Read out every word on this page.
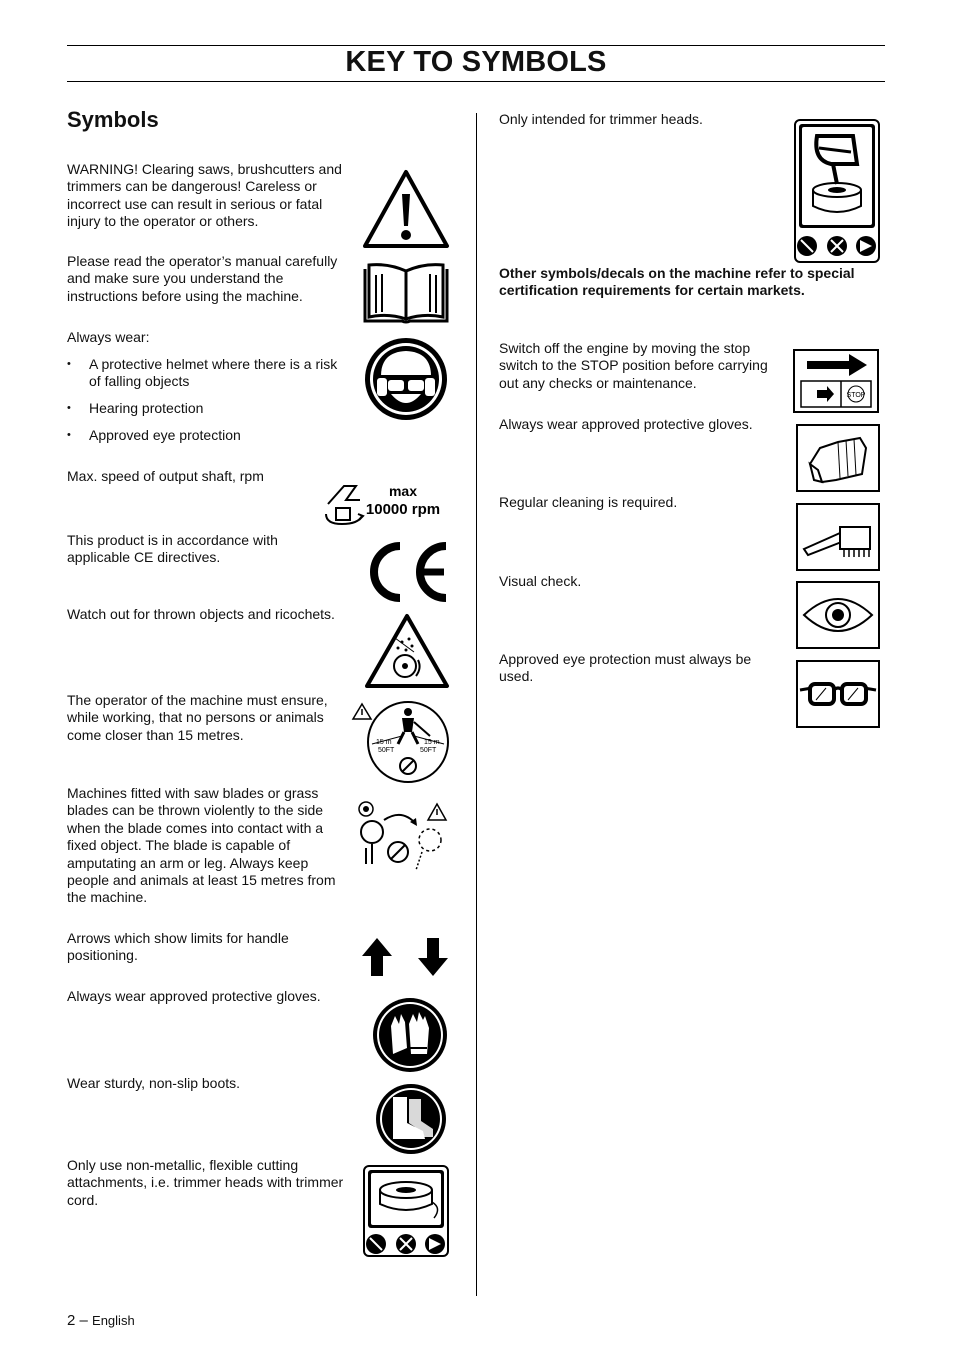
KEY TO SYMBOLS
Symbols

WARNING! Clearing saws, brushcutters and trimmers can be dangerous! Careless or incorrect use can result in serious or fatal injury to the operator or others.

Please read the operator’s manual carefully and make sure you understand the instructions before using the machine.

Always wear:

• A protective helmet where there is a risk of falling objects
• Hearing protection
• Approved eye protection

Max. speed of output shaft, rpm

This product is in accordance with applicable CE directives.

Watch out for thrown objects and ricochets.

The operator of the machine must ensure, while working, that no persons or animals come closer than 15 metres.

Machines fitted with saw blades or grass blades can be thrown violently to the side when the blade comes into contact with a fixed object. The blade is capable of amputating an arm or leg. Always keep people and animals at least 15 metres from the machine.

Arrows which show limits for handle positioning.

Always wear approved protective gloves.

Wear sturdy, non-slip boots.

Only use non-metallic, flexible cutting attachments, i.e. trimmer heads with trimmer cord.

Only intended for trimmer heads.

Other symbols/decals on the machine refer to special certification requirements for certain markets.

Switch off the engine by moving the stop switch to the STOP position before carrying out any checks or maintenance.

Always wear approved protective gloves.

Regular cleaning is required.

Visual check.

Approved eye protection must always be used.

max
10000 rpm
15 m
50FT
15 m
50FT
STOP
2 – English
